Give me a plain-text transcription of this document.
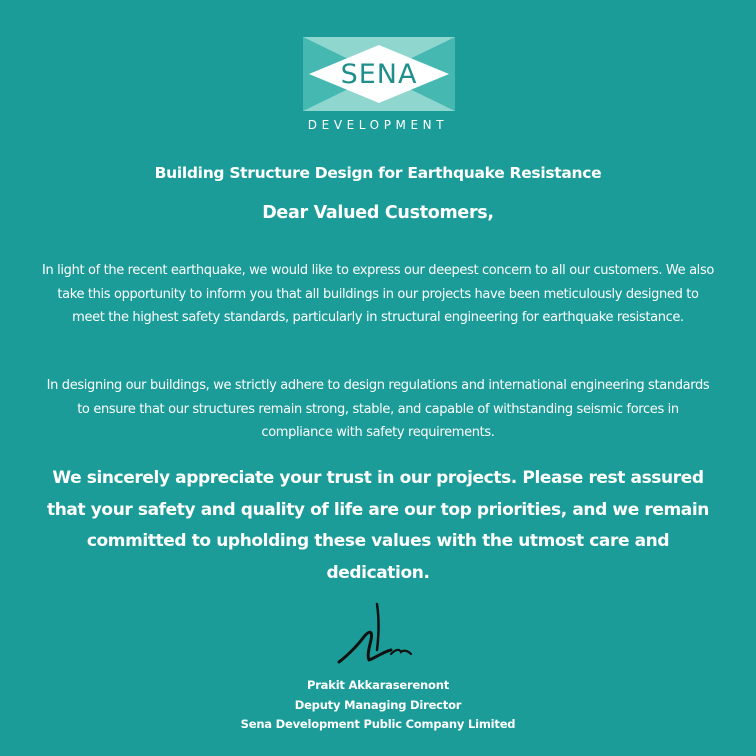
SENA
DEVELOPMENT
Building Structure Design for Earthquake Resistance
Dear Valued Customers,
In light of the recent earthquake, we would like to express our deepest concern to all our customers. We also take this opportunity to inform you that all buildings in our projects have been meticulously designed to meet the highest safety standards, particularly in structural engineering for earthquake resistance.
In designing our buildings, we strictly adhere to design regulations and international engineering standards to ensure that our structures remain strong, stable, and capable of withstanding seismic forces in compliance with safety requirements.
We sincerely appreciate your trust in our projects. Please rest assured that your safety and quality of life are our top priorities, and we remain committed to upholding these values with the utmost care and dedication.
Prakit Akkaraserenont
Deputy Managing Director
Sena Development Public Company Limited
